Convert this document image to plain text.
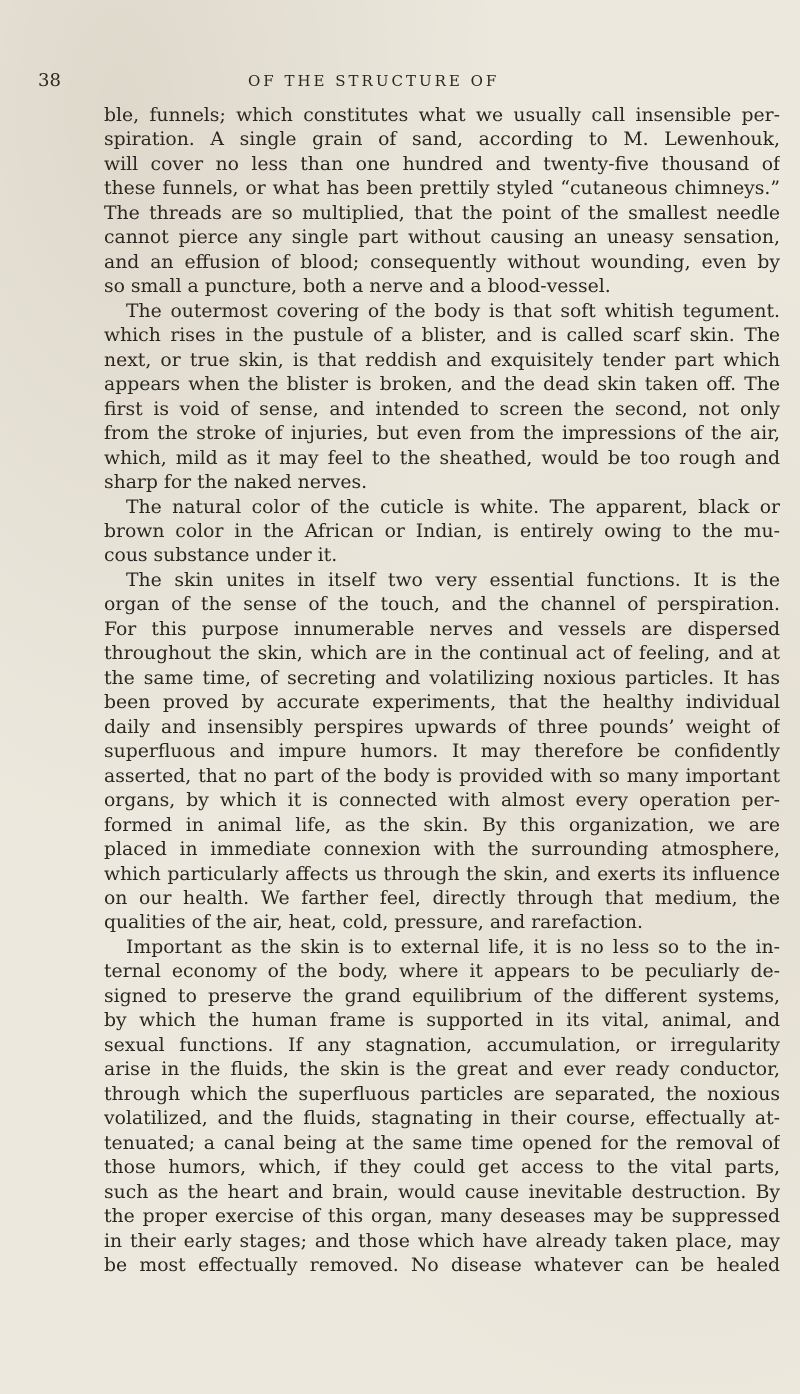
38	OF THE STRUCTURE OF
ble, funnels; which constitutes what we usually call insensible per-
spiration. A single grain of sand, according to M. Lewenhouk,
will cover no less than one hundred and twenty-five thousand of
these funnels, or what has been prettily styled “cutaneous chimneys.”
The threads are so multiplied, that the point of the smallest needle
cannot pierce any single part without causing an uneasy sensation,
and an effusion of blood; consequently without wounding, even by
so small a puncture, both a nerve and a blood-vessel.
The outermost covering of the body is that soft whitish tegument.
which rises in the pustule of a blister, and is called scarf skin. The
next, or true skin, is that reddish and exquisitely tender part which
appears when the blister is broken, and the dead skin taken off. The
first is void of sense, and intended to screen the second, not only
from the stroke of injuries, but even from the impressions of the air,
which, mild as it may feel to the sheathed, would be too rough and
sharp for the naked nerves.
The natural color of the cuticle is white. The apparent, black or
brown color in the African or Indian, is entirely owing to the mu-
cous substance under it.
The skin unites in itself two very essential functions. It is the
organ of the sense of the touch, and the channel of perspiration.
For this purpose innumerable nerves and vessels are dispersed
throughout the skin, which are in the continual act of feeling, and at
the same time, of secreting and volatilizing noxious particles. It has
been proved by accurate experiments, that the healthy individual
daily and insensibly perspires upwards of three pounds’ weight of
superfluous and impure humors. It may therefore be confidently
asserted, that no part of the body is provided with so many important
organs, by which it is connected with almost every operation per-
formed in animal life, as the skin. By this organization, we are
placed in immediate connexion with the surrounding atmosphere,
which particularly affects us through the skin, and exerts its influence
on our health. We farther feel, directly through that medium, the
qualities of the air, heat, cold, pressure, and rarefaction.
Important as the skin is to external life, it is no less so to the in-
ternal economy of the body, where it appears to be peculiarly de-
signed to preserve the grand equilibrium of the different systems,
by which the human frame is supported in its vital, animal, and
sexual functions. If any stagnation, accumulation, or irregularity
arise in the fluids, the skin is the great and ever ready conductor,
through which the superfluous particles are separated, the noxious
volatilized, and the fluids, stagnating in their course, effectually at-
tenuated; a canal being at the same time opened for the removal of
those humors, which, if they could get access to the vital parts,
such as the heart and brain, would cause inevitable destruction. By
the proper exercise of this organ, many deseases may be suppressed
in their early stages; and those which have already taken place, may
be most effectually removed. No disease whatever can be healed
